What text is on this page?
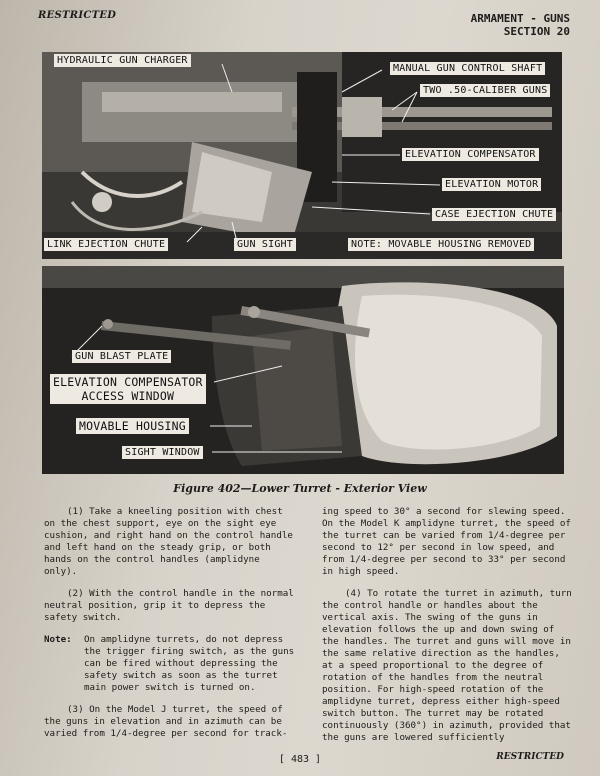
RESTRICTED	ARMAMENT - GUNS
SECTION 20
HYDRAULIC GUN CHARGER
MANUAL GUN CONTROL SHAFT
TWO .50-CALIBER GUNS
ELEVATION COMPENSATOR
ELEVATION MOTOR
CASE EJECTION CHUTE
LINK EJECTION CHUTE	GUN SIGHT	NOTE: MOVABLE HOUSING REMOVED
GUN BLAST PLATE
ELEVATION COMPENSATOR
ACCESS WINDOW
MOVABLE HOUSING
SIGHT WINDOW
Figure 402—Lower Turret - Exterior View

(1) Take a kneeling position with chest on the chest support, eye on the sight eye cushion, and right hand on the control handle and left hand on the steady grip, or both hands on the control handles (amplidyne only).

(2) With the control handle in the normal neutral position, grip it to depress the safety switch.

Note:	On amplidyne turrets, do not depress the trigger firing switch, as the guns can be fired without depressing the safety switch as soon as the turret main power switch is turned on.

(3) On the Model J turret, the speed of the guns in elevation and in azimuth can be varied from 1/4-degree per second for track-

ing speed to 30° a second for slewing speed. On the Model K amplidyne turret, the speed of the turret can be varied from 1/4-degree per second to 12° per second in low speed, and from 1/4-degree per second to 33° per second in high speed.

(4) To rotate the turret in azimuth, turn the control handle or handles about the vertical axis. The swing of the guns in elevation follows the up and down swing of the handles. The turret and guns will move in the same relative direction as the handles, at a speed proportional to the degree of rotation of the handles from the neutral position. For high-speed rotation of the amplidyne turret, depress either high-speed switch button. The turret may be rotated continuously (360°) in azimuth, provided that the guns are lowered sufficiently

[ 483 ]	RESTRICTED
